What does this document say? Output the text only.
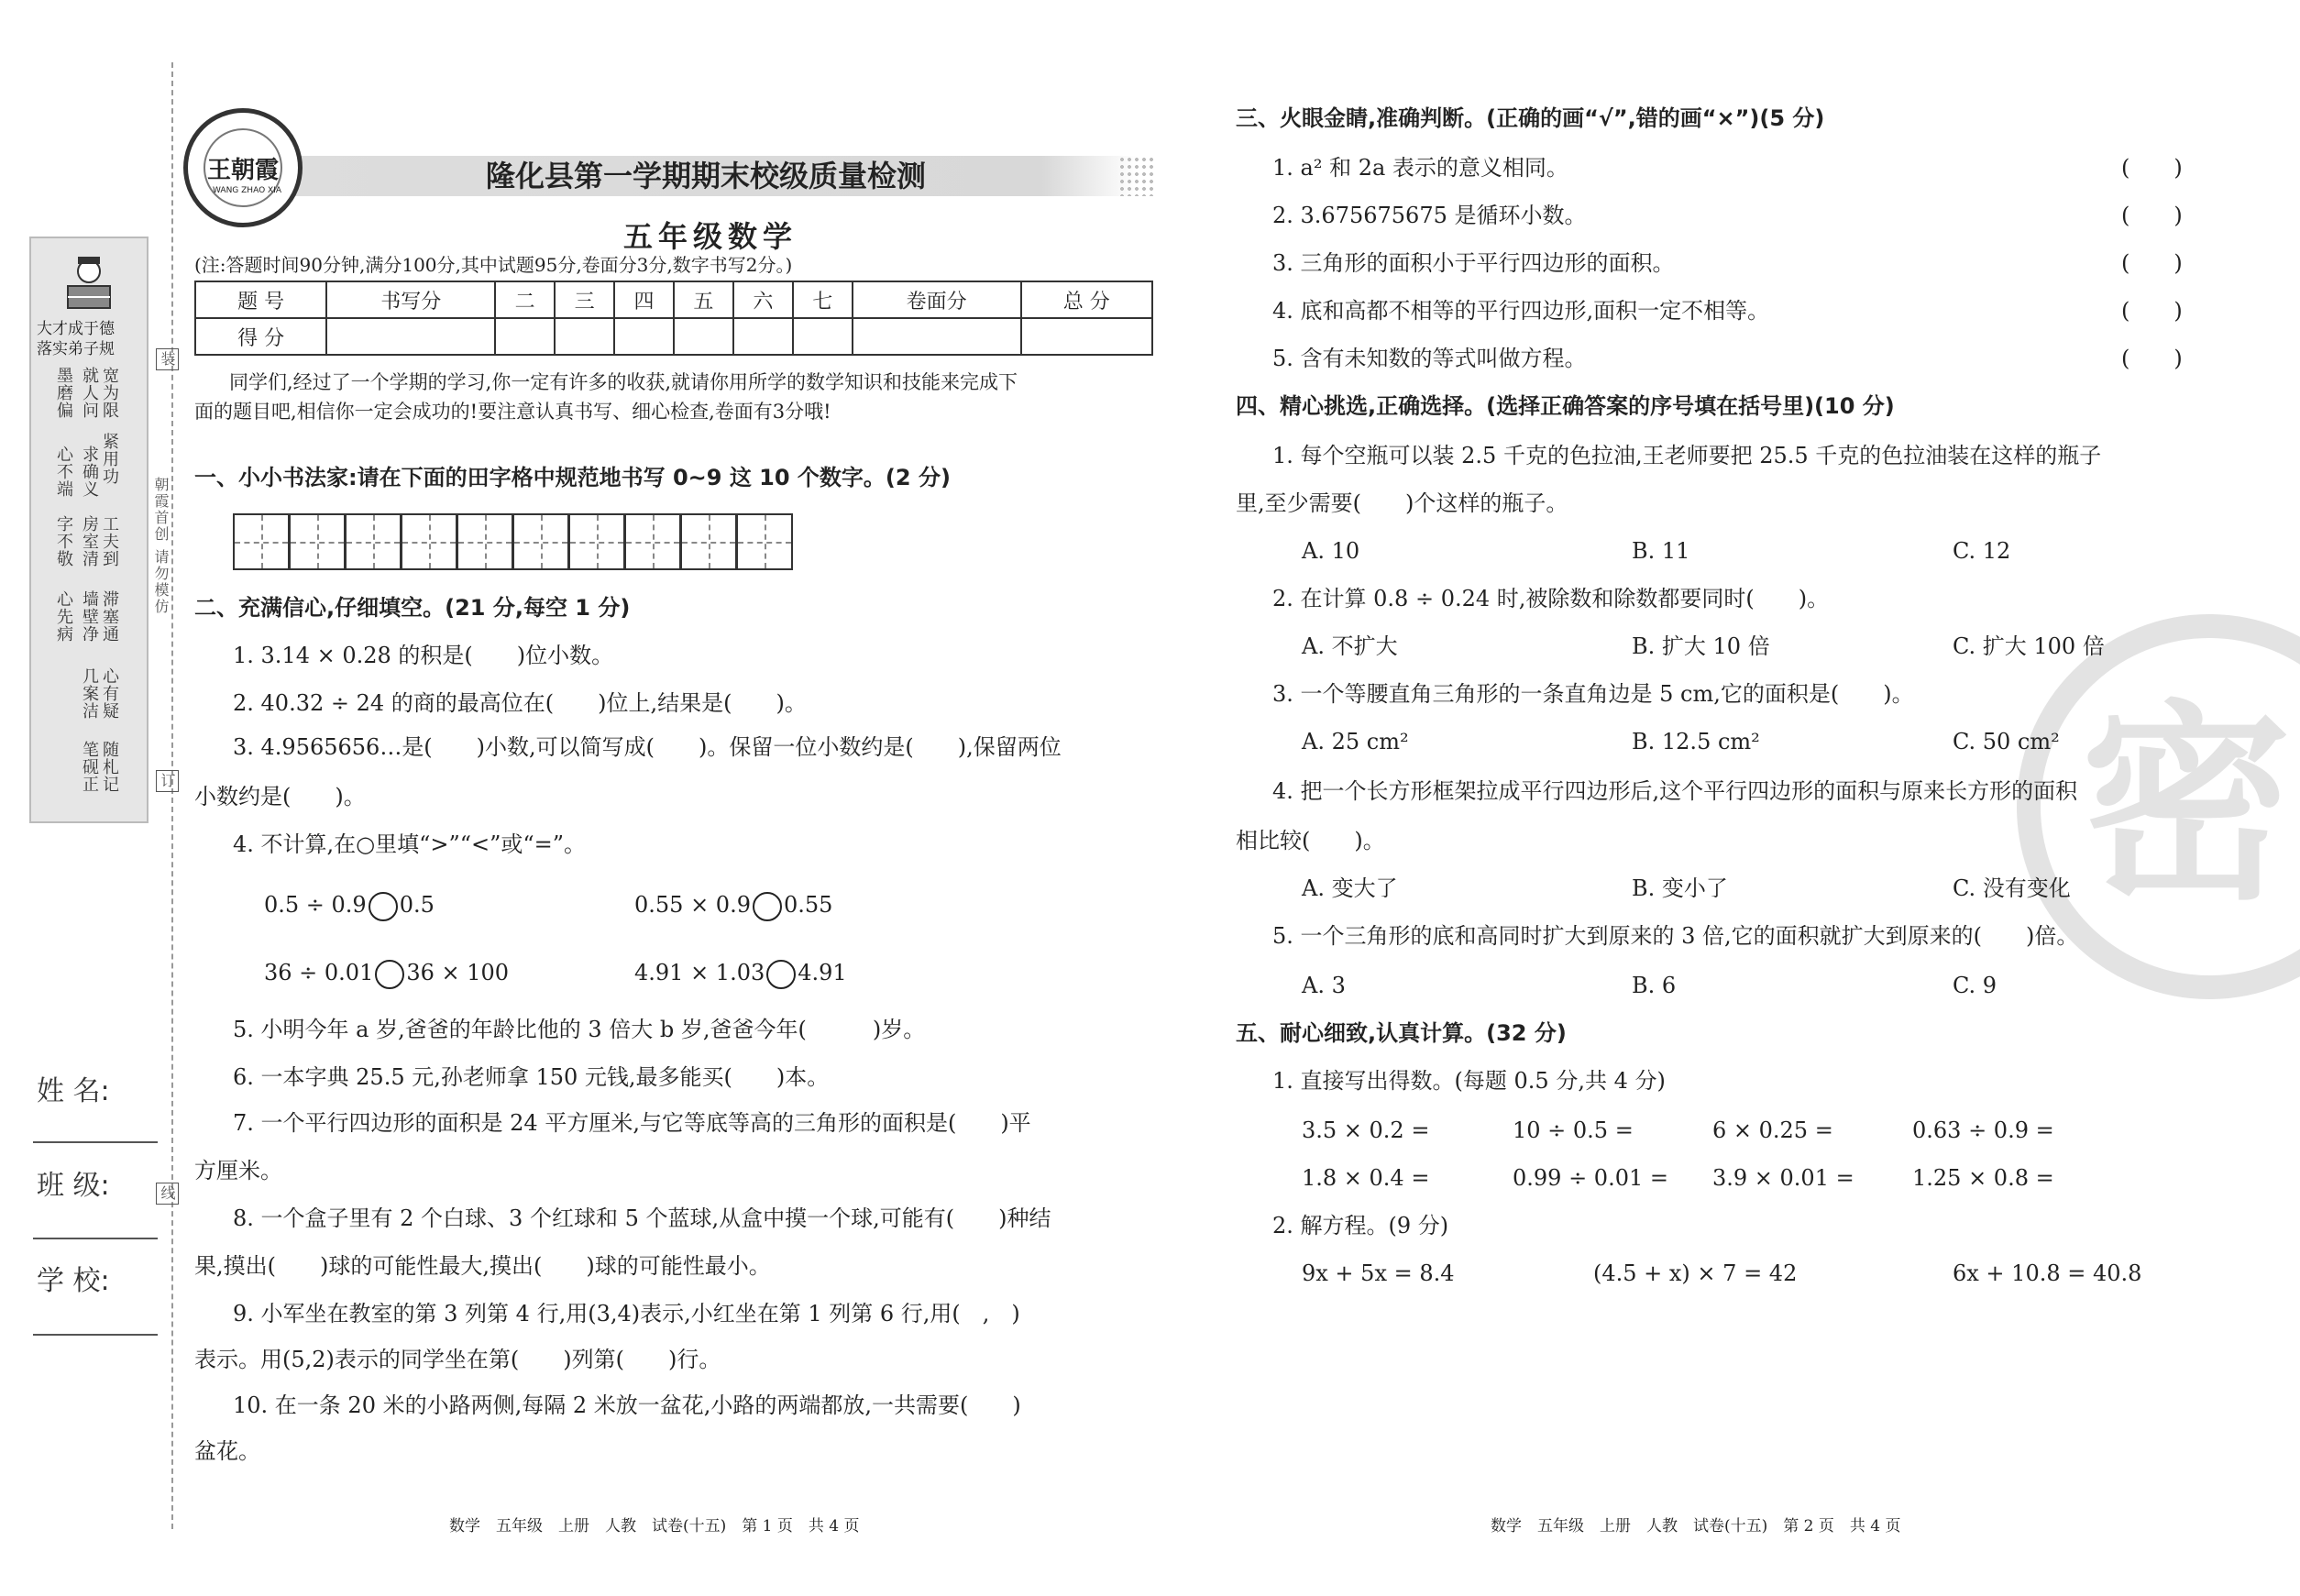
大才成于德
落实弟子规
宽为限
紧用功
工夫到
滞塞通
心有疑
随札记
就人问
求确义
房室清
墙壁净
几案洁
笔砚正
墨磨偏
心不端
字不敬
心先病
装
朝霞首创 请勿模仿
订
线
姓 名:
班 级:
学 校:
王朝霞
WANG ZHAO XIA	隆化县第一学期期末校级质量检测
五年级数学
(注:答题时间90分钟,满分100分,其中试题95分,卷面分3分,数字书写2分。)
题 号	书写分	二	三	四	五	六	七	卷面分	总 分
得 分									
同学们,经过了一个学期的学习,你一定有许多的收获,就请你用所学的数学知识和技能来完成下
面的题目吧,相信你一定会成功的!要注意认真书写、细心检查,卷面有3分哦!
一、小小书法家:请在下面的田字格中规范地书写 0~9 这 10 个数字。(2 分)
二、充满信心,仔细填空。(21 分,每空 1 分)
1. 3.14 × 0.28 的积是(　　)位小数。
2. 40.32 ÷ 24 的商的最高位在(　　)位上,结果是(　　)。
3. 4.9565656…是(　　)小数,可以简写成(　　)。保留一位小数约是(　　),保留两位
小数约是(　　)。
4. 不计算,在○里填“>”“<”或“=”。
0.5 ÷ 0.9 0.5	0.55 × 0.9 0.55
36 ÷ 0.01 36 × 100	4.91 × 1.03 4.91
5. 小明今年 a 岁,爸爸的年龄比他的 3 倍大 b 岁,爸爸今年(　　　)岁。
6. 一本字典 25.5 元,孙老师拿 150 元钱,最多能买(　　)本。
7. 一个平行四边形的面积是 24 平方厘米,与它等底等高的三角形的面积是(　　)平
方厘米。
8. 一个盒子里有 2 个白球、3 个红球和 5 个蓝球,从盒中摸一个球,可能有(　　)种结
果,摸出(　　)球的可能性最大,摸出(　　)球的可能性最小。
9. 小军坐在教室的第 3 列第 4 行,用(3,4)表示,小红坐在第 1 列第 6 行,用(　,　)
表示。用(5,2)表示的同学坐在第(　　)列第(　　)行。
10. 在一条 20 米的小路两侧,每隔 2 米放一盆花,小路的两端都放,一共需要(　　)
盆花。
数学　五年级　上册　人教　试卷(十五)　第 1 页　共 4 页
密
三、火眼金睛,准确判断。(正确的画“√”,错的画“×”)(5 分)
1. a² 和 2a 表示的意义相同。	(　　)
2. 3.675675675 是循环小数。	(　　)
3. 三角形的面积小于平行四边形的面积。	(　　)
4. 底和高都不相等的平行四边形,面积一定不相等。	(　　)
5. 含有未知数的等式叫做方程。	(　　)
四、精心挑选,正确选择。(选择正确答案的序号填在括号里)(10 分)
1. 每个空瓶可以装 2.5 千克的色拉油,王老师要把 25.5 千克的色拉油装在这样的瓶子
里,至少需要(　　)个这样的瓶子。
A. 10	B. 11	C. 12
2. 在计算 0.8 ÷ 0.24 时,被除数和除数都要同时(　　)。
A. 不扩大	B. 扩大 10 倍	C. 扩大 100 倍
3. 一个等腰直角三角形的一条直角边是 5 cm,它的面积是(　　)。
A. 25 cm²	B. 12.5 cm²	C. 50 cm²
4. 把一个长方形框架拉成平行四边形后,这个平行四边形的面积与原来长方形的面积
相比较(　　)。
A. 变大了	B. 变小了	C. 没有变化
5. 一个三角形的底和高同时扩大到原来的 3 倍,它的面积就扩大到原来的(　　)倍。
A. 3	B. 6	C. 9
五、耐心细致,认真计算。(32 分)
1. 直接写出得数。(每题 0.5 分,共 4 分)
3.5 × 0.2 =	10 ÷ 0.5 =	6 × 0.25 =	0.63 ÷ 0.9 =
1.8 × 0.4 =	0.99 ÷ 0.01 = 3.9 × 0.01 =	1.25 × 0.8 =
2. 解方程。(9 分)
9x + 5x = 8.4	(4.5 + x) × 7 = 42	6x + 10.8 = 40.8
数学　五年级　上册　人教　试卷(十五)　第 2 页　共 4 页
